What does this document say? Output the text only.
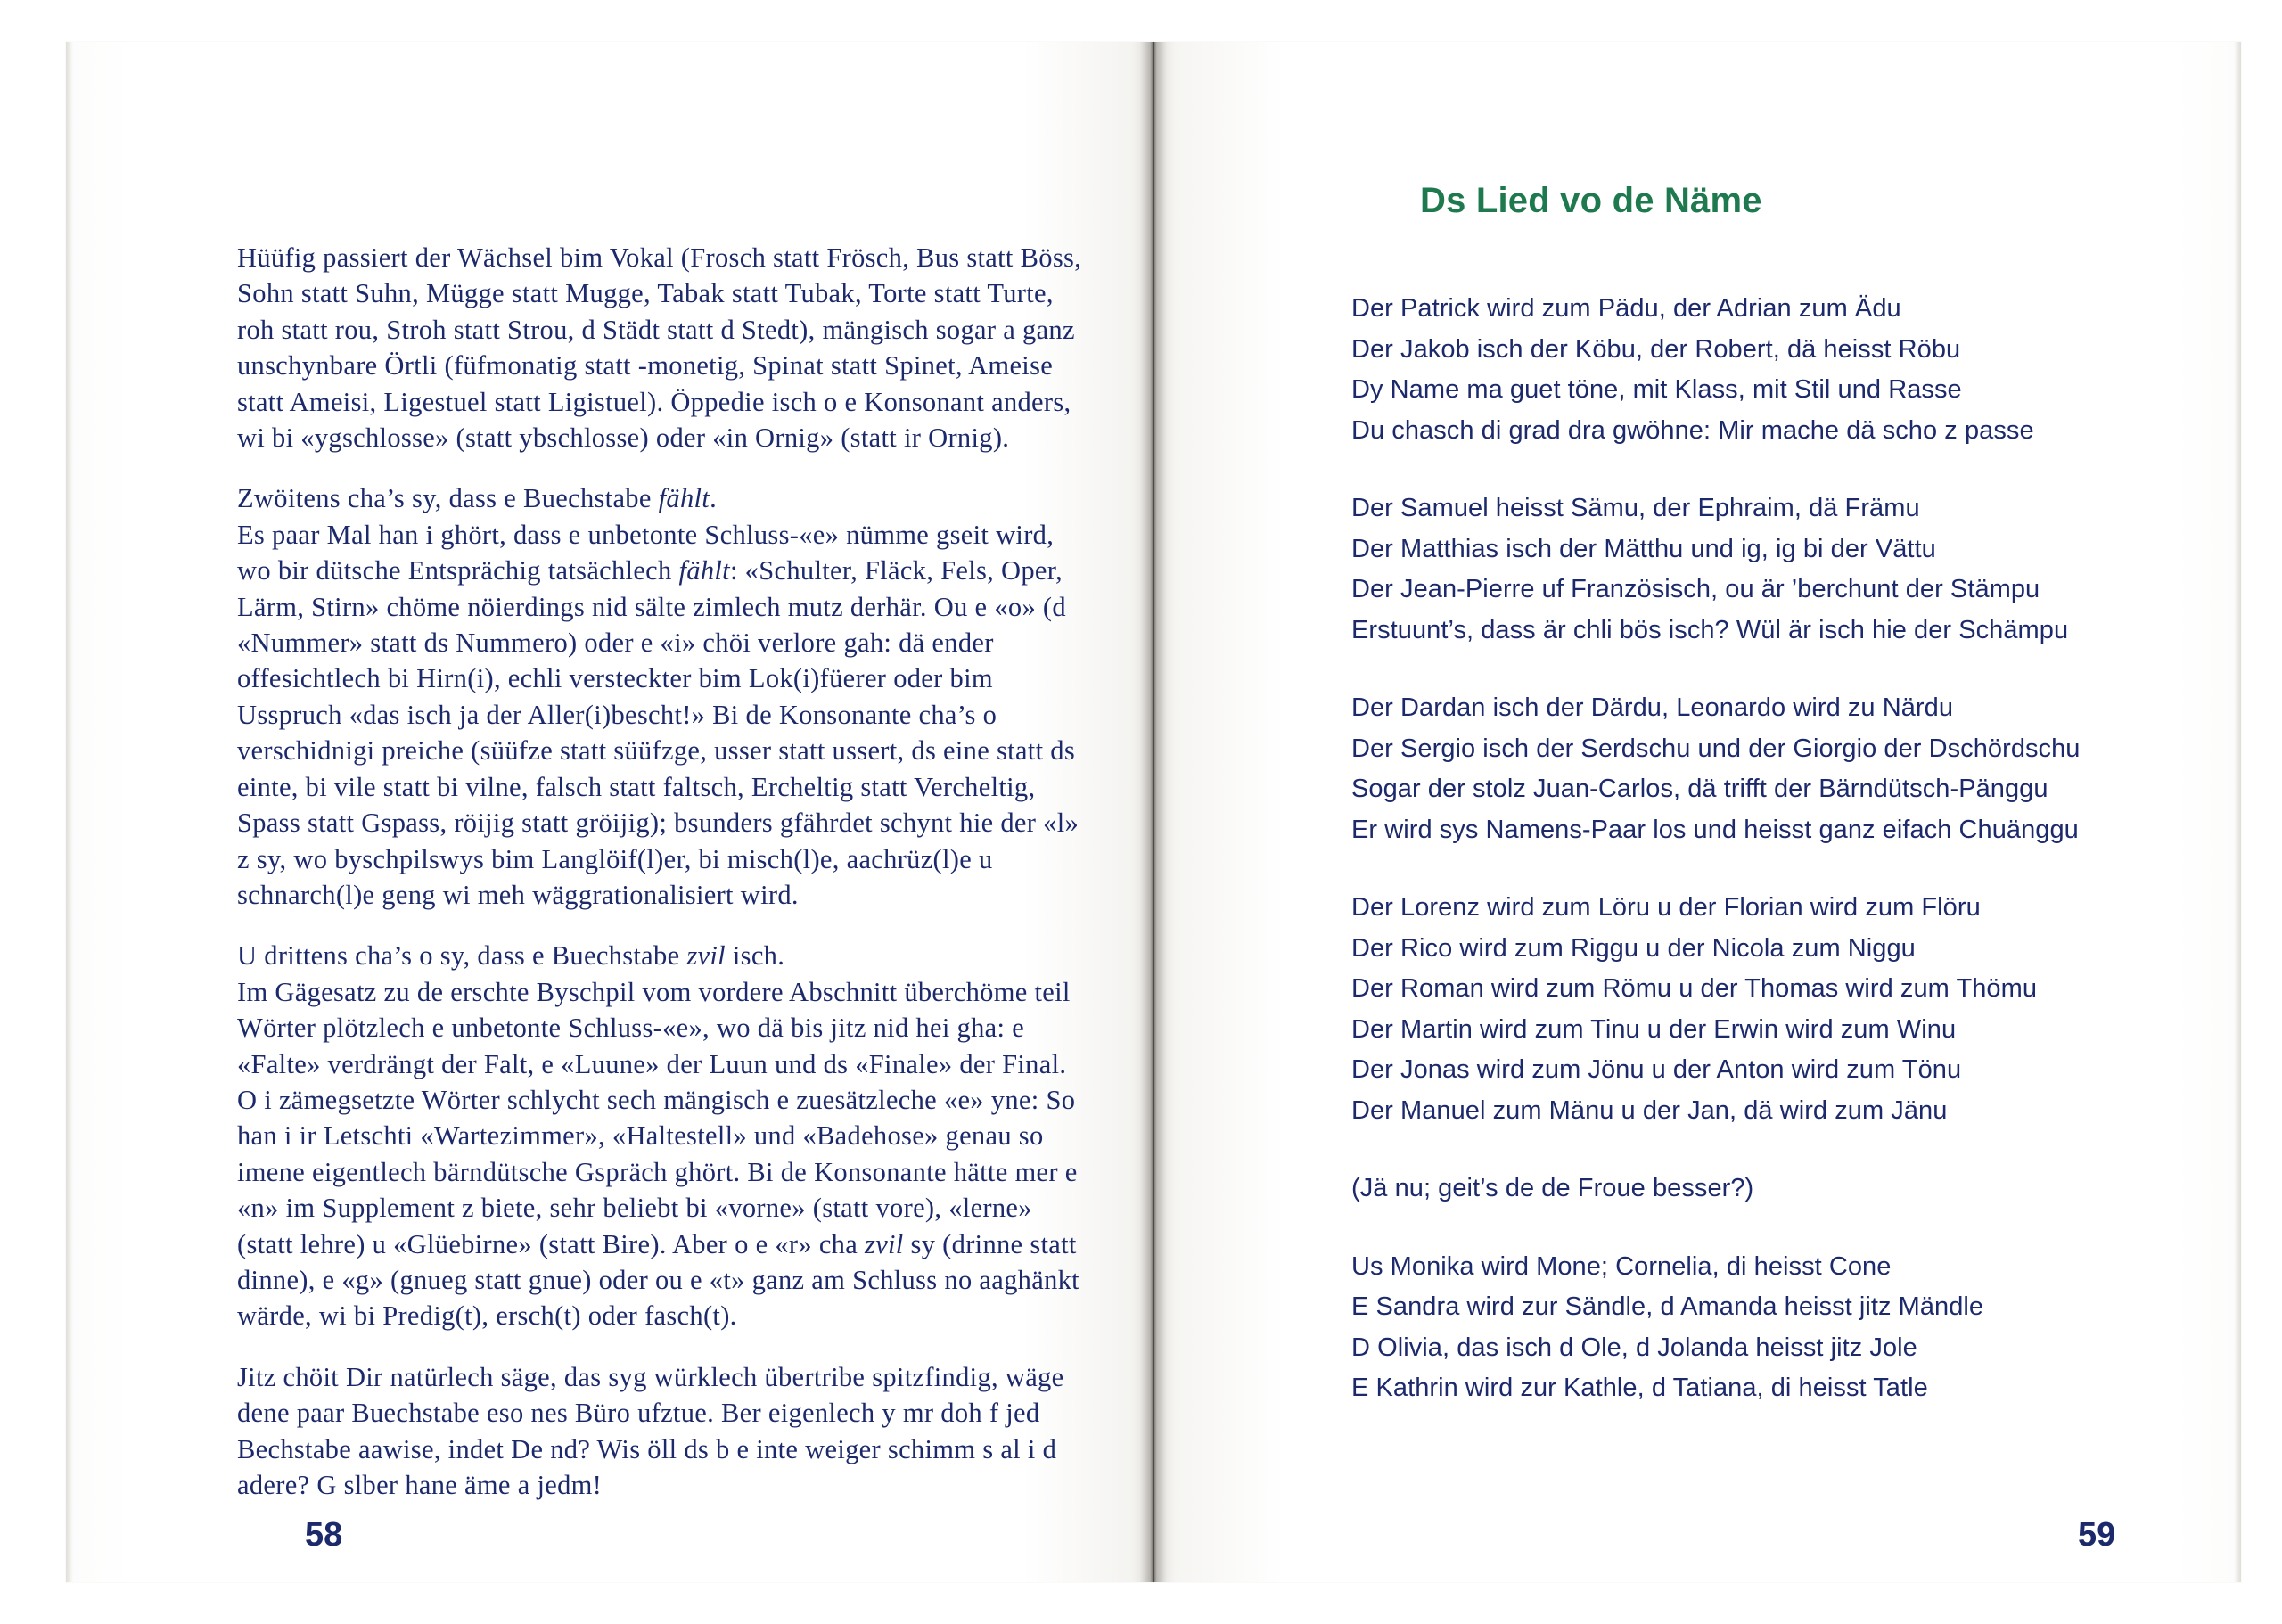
Hüüfig passiert der Wächsel bim Vokal (Frosch statt Frösch, Bus statt Böss, Sohn statt Suhn, Mügge statt Mugge, Tabak statt Tubak, Torte statt Turte, roh statt rou, Stroh statt Strou, d Städt statt d Stedt), mängisch sogar a ganz unschynbare Örtli (füfmonatig statt -monetig, Spinat statt Spinet, Ameise statt Ameisi, Ligestuel statt Ligistuel). Öppedie isch o e Konsonant anders, wi bi «ygschlosse» (statt ybschlosse) oder «in Ornig» (statt ir Ornig).

Zwöitens cha’s sy, dass e Buechstabe fählt.
Es paar Mal han i ghört, dass e unbetonte Schluss-«e» nümme gseit wird, wo bir dütsche Entsprächig tatsächlech fählt: «Schulter, Fläck, Fels, Oper, Lärm, Stirn» chöme nöierdings nid sälte zimlech mutz derhär. Ou e «o» (d «Nummer» statt ds Nummero) oder e «i» chöi verlore gah: dä ender offesichtlech bi Hirn(i), echli versteckter bim Lok(i)füerer oder bim Usspruch «das isch ja der Aller(i)bescht!» Bi de Konsonante cha’s o verschidnigi preiche (süüfze statt süüfzge, usser statt ussert, ds eine statt ds einte, bi vile statt bi vilne, falsch statt faltsch, Ercheltig statt Vercheltig, Spass statt Gspass, röijig statt gröijig); bsunders gfährdet schynt hie der «l» z sy, wo byschpilswys bim Langlöif(l)er, bi misch(l)e, aachrüz(l)e u schnarch(l)e geng wi meh wäggrationalisiert wird.

U drittens cha’s o sy, dass e Buechstabe zvil isch.
Im Gägesatz zu de erschte Byschpil vom vordere Abschnitt überchöme teil Wörter plötzlech e unbetonte Schluss-«e», wo dä bis jitz nid hei gha: e «Falte» verdrängt der Falt, e «Luune» der Luun und ds «Finale» der Final. O i zämegsetzte Wörter schlycht sech mängisch e zuesätzleche «e» yne: So han i ir Letschti «Wartezimmer», «Haltestell» und «Badehose» genau so imene eigentlech bärndütsche Gspräch ghört. Bi de Konsonante hätte mer e «n» im Supplement z biete, sehr beliebt bi «vorne» (statt vore), «lerne» (statt lehre) u «Glüebirne» (statt Bire). Aber o e «r» cha zvil sy (drinne statt dinne), e «g» (gnueg statt gnue) oder ou e «t» ganz am Schluss no aaghänkt wärde, wi bi Predig(t), ersch(t) oder fasch(t).

Jitz chöit Dir natürlech säge, das syg würklech übertribe spitzfindig, wäge dene paar Buechstabe eso nes Büro ufztue. Ber eigenlech y mr doh f jed Bechstabe aawise, indet De nd? Wis öll ds b e inte weiger schimm s al i d adere? G slber hane äme a jedm!

Ds Lied vo de Näme
Der Patrick wird zum Pädu, der Adrian zum Ädu
Der Jakob isch der Köbu, der Robert, dä heisst Röbu
Dy Name ma guet töne, mit Klass, mit Stil und Rasse
Du chasch di grad dra gwöhne: Mir mache dä scho z passe
Der Samuel heisst Sämu, der Ephraim, dä Främu
Der Matthias isch der Mätthu und ig, ig bi der Vättu
Der Jean-Pierre uf Französisch, ou är ’berchunt der Stämpu
Erstuunt’s, dass är chli bös isch? Wül är isch hie der Schämpu
Der Dardan isch der Därdu, Leonardo wird zu Närdu
Der Sergio isch der Serdschu und der Giorgio der Dschördschu
Sogar der stolz Juan-Carlos, dä trifft der Bärndütsch-Pänggu
Er wird sys Namens-Paar los und heisst ganz eifach Chuänggu
Der Lorenz wird zum Löru u der Florian wird zum Flöru
Der Rico wird zum Riggu u der Nicola zum Niggu
Der Roman wird zum Römu u der Thomas wird zum Thömu
Der Martin wird zum Tinu u der Erwin wird zum Winu
Der Jonas wird zum Jönu u der Anton wird zum Tönu
Der Manuel zum Mänu u der Jan, dä wird zum Jänu
(Jä nu; geit’s de de Froue besser?)
Us Monika wird Mone; Cornelia, di heisst Cone
E Sandra wird zur Sändle, d Amanda heisst jitz Mändle
D Olivia, das isch d Ole, d Jolanda heisst jitz Jole
E Kathrin wird zur Kathle, d Tatiana, di heisst Tatle
58	59
